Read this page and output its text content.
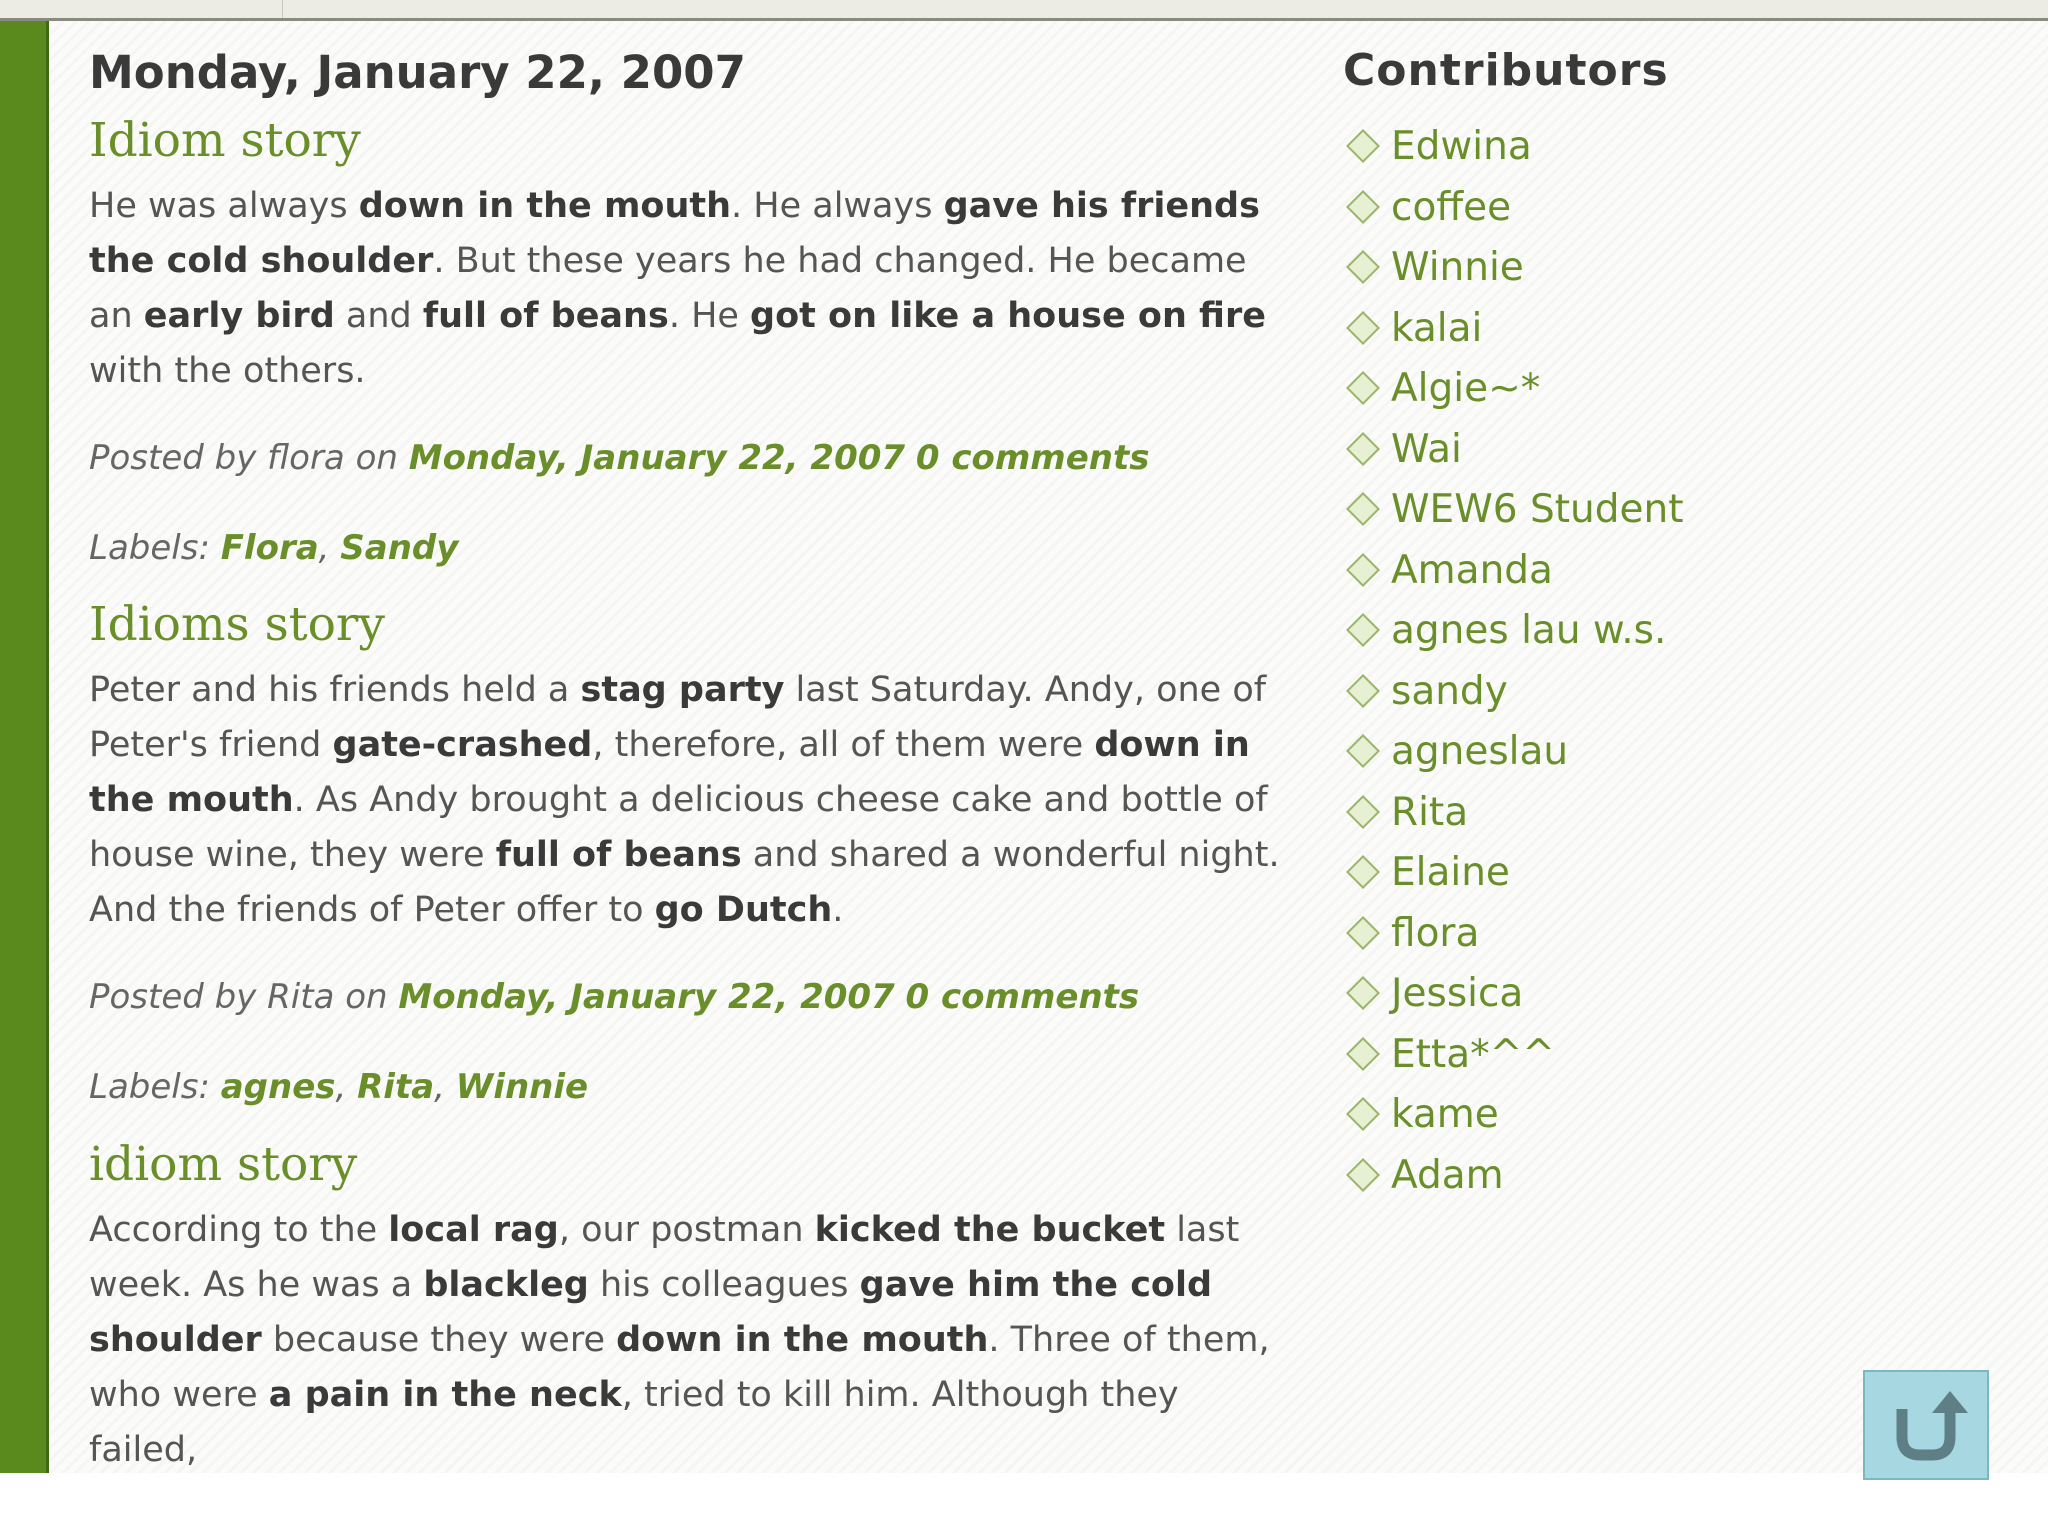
Monday, January 22, 2007
Idiom story
He was always down in the mouth. He always gave his friends the cold shoulder. But these years he had changed. He became an early bird and full of beans. He got on like a house on fire with the others.
Posted by flora on Monday, January 22, 2007 0 comments
Labels: Flora, Sandy
Idioms story
Peter and his friends held a stag party last Saturday. Andy, one of Peter's friend gate-crashed, therefore, all of them were down in the mouth. As Andy brought a delicious cheese cake and bottle of house wine, they were full of beans and shared a wonderful night. And the friends of Peter offer to go Dutch.
Posted by Rita on Monday, January 22, 2007 0 comments
Labels: agnes, Rita, Winnie
idiom story
According to the local rag, our postman kicked the bucket last week. As he was a blackleg his colleagues gave him the cold shoulder because they were down in the mouth. Three of them, who were a pain in the neck, tried to kill him. Although they failed,
Contributors
Edwina
coffee
Winnie
kalai
Algie~*
Wai
WEW6 Student
Amanda
agnes lau w.s.
sandy
agneslau
Rita
Elaine
flora
Jessica
Etta*^^
kame
Adam
